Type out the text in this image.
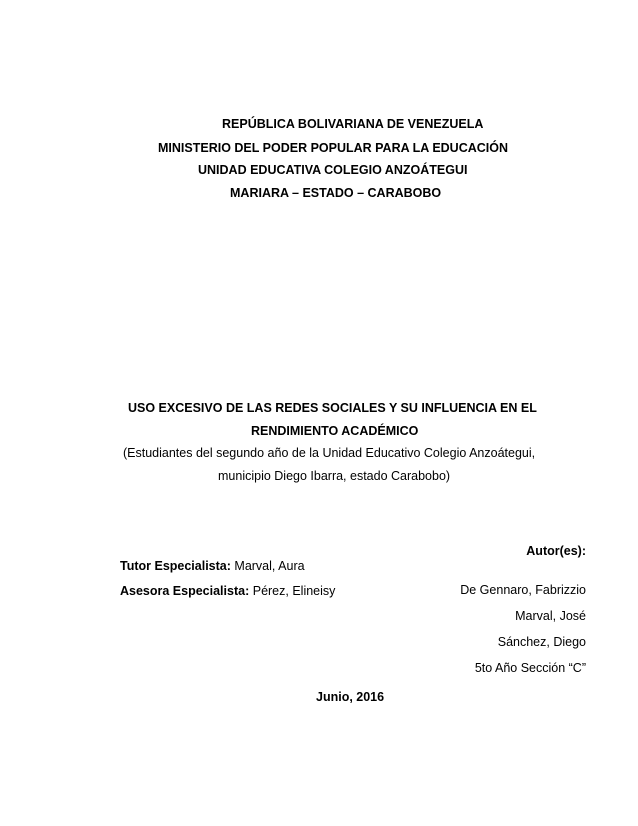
REPÚBLICA BOLIVARIANA DE VENEZUELA
MINISTERIO DEL PODER POPULAR PARA LA EDUCACIÓN
UNIDAD EDUCATIVA COLEGIO ANZOÁTEGUI
MARIARA – ESTADO – CARABOBO
USO EXCESIVO DE LAS REDES SOCIALES Y SU INFLUENCIA EN EL
RENDIMIENTO ACADÉMICO
(Estudiantes del segundo año de la Unidad Educativo Colegio Anzoátegui,
municipio Diego Ibarra, estado Carabobo)
Tutor Especialista: Marval, Aura
Asesora Especialista: Pérez, Elineisy
Autor(es):
De Gennaro, Fabrizzio
Marval, José
Sánchez, Diego
5to Año Sección “C”
Junio, 2016
